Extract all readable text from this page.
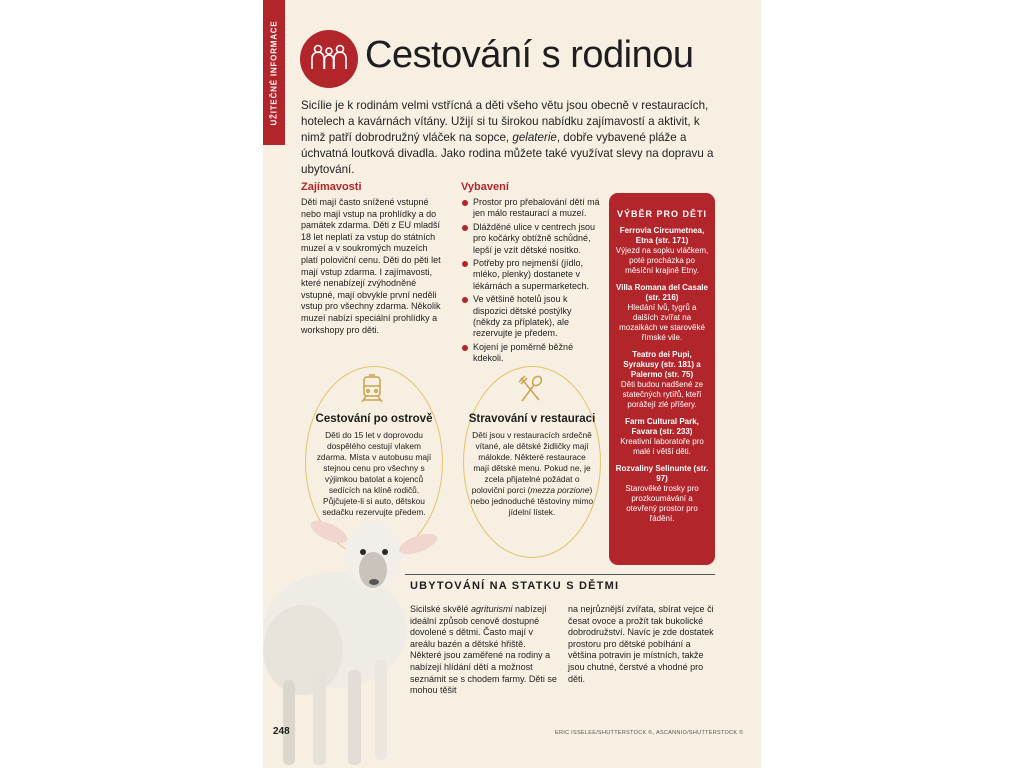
UŽITEČNÉ INFORMACE Cestování s rodinou

Sicílie je k rodinám velmi vstřícná a děti všeho větu jsou obecně v restauracích, hotelech a kavárnách vítány. Užijí si tu širokou nabídku zajímavostí a aktivit, k nimž patří dobrodružný vláček na sopce, gelaterie, dobře vybavené pláže a úchvatná loutková divadla. Jako rodina můžete také využívat slevy na dopravu a ubytování.

Zajímavosti
Děti mají často snížené vstupné nebo mají vstup na prohlídky a do památek zdarma. Děti z EU mladší 18 let neplatí za vstup do státních muzeí a v soukromých muzeích platí poloviční cenu. Děti do pěti let mají vstup zdarma. I zajímavosti, které nenabízejí zvýhodněné vstupné, mají obvykle první neděli vstup pro všechny zdarma. Několik muzeí nabízí speciální prohlídky a workshopy pro děti.
Vybavení
Prostor pro přebalování dětí má jen málo restaurací a muzeí.
Dlážděné ulice v centrech jsou pro kočárky obtížně schůdné, lepší je vzít dětské nosítko.
Potřeby pro nejmenší (jídlo, mléko, plenky) dostanete v lékárnách a supermarketech.
Ve většině hotelů jsou k dispozici dětské postýlky (někdy za příplatek), ale rezervujte je předem.
Kojení je poměrně běžné kdekoli.
VÝBĚR PRO DĚTI
Ferrovia Circumetnea, Etna (str. 171)
Výjezd na sopku vláčkem, poté procházka po měsíční krajině Etny.
Villa Romana del Casale (str. 216)
Hledání lvů, tygrů a dalších zvířat na mozaikách ve starověké římské vile.
Teatro dei Pupi, Syrakusy (str. 181) a Palermo (str. 75)
Děti budou nadšené ze statečných rytířů, kteří porážejí zlé příšery.
Farm Cultural Park, Favara (str. 233)
Kreativní laboratoře pro malé i větší děti.
Rozvaliny Selinunte (str. 97)
Starověké trosky pro prozkoumávání a otevřený prostor pro řádění.
Cestování po ostrově
Děti do 15 let v doprovodu dospělého cestují vlakem zdarma. Místa v autobusu mají stejnou cenu pro všechny s výjimkou batolat a kojenců sedících na klíně rodičů. Půjčujete-li si auto, dětskou sedačku rezervujte předem.
Stravování v restauraci
Děti jsou v restauracích srdečně vítané, ale dětské židličky mají málokde. Některé restaurace mají dětské menu. Pokud ne, je zcela přijatelné požádat o poloviční porci (mezza porzione) nebo jednoduché těstoviny mimo jídelní lístek.
UBYTOVÁNÍ NA STATKU S DĚTMI
Sicilské skvělé agriturismi nabízejí ideální způsob cenově dostupné dovolené s dětmi. Často mají v areálu bazén a dětské hřiště. Některé jsou zaměřené na rodiny a nabízejí hlídání dětí a možnost seznámit se s chodem farmy. Děti se mohou těšit
na nejrůznější zvířata, sbírat vejce či česat ovoce a prožít tak bukolické dobrodružství. Navíc je zde dostatek prostoru pro dětské pobíhání a většina potravin je místních, takže jsou chutné, čerstvé a vhodné pro děti.
248	ERIC ISSELEE/SHUTTERSTOCK ©, ASCANNIO/SHUTTERSTOCK ©
